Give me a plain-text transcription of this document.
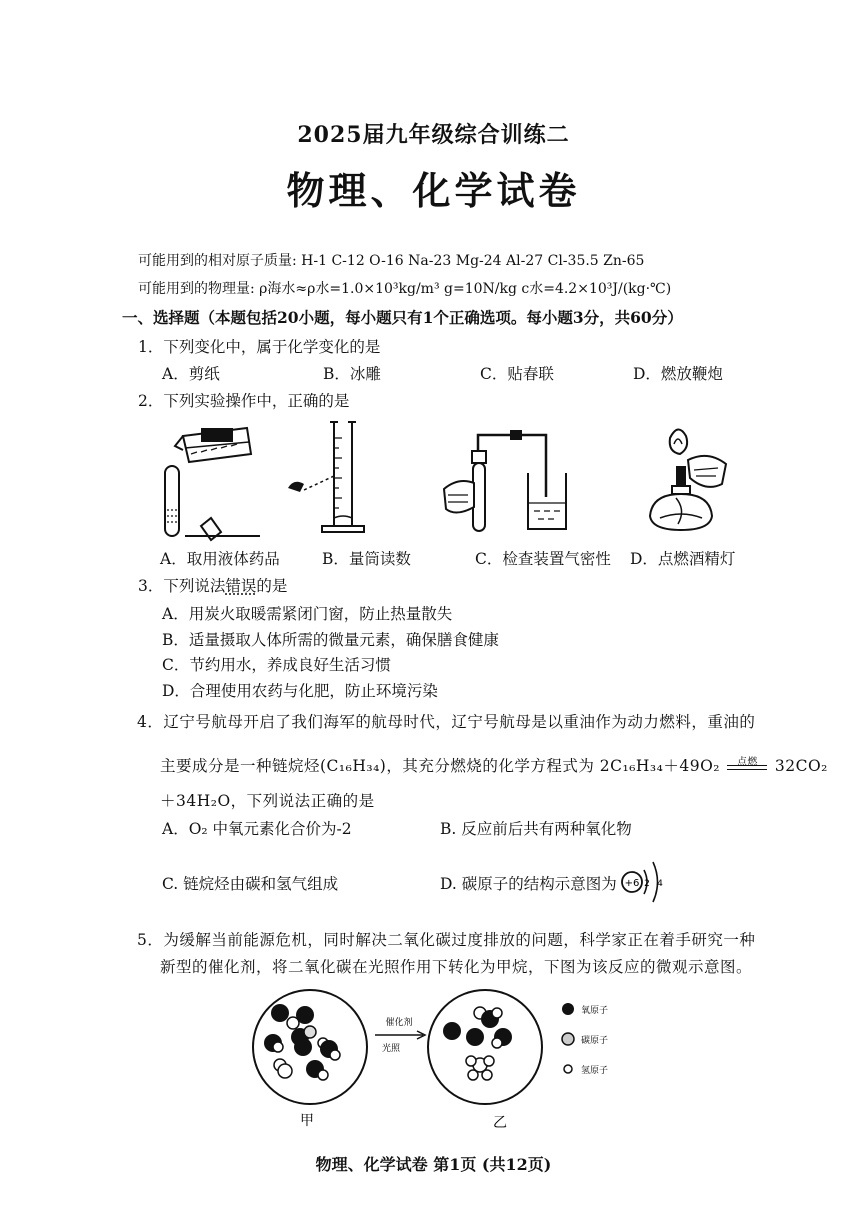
2025届九年级综合训练二
物理、化学试卷
可能用到的相对原子质量: H-1 C-12 O-16 Na-23 Mg-24 Al-27 Cl-35.5 Zn-65
可能用到的物理量: ρ海水≈ρ水=1.0×10³kg/m³ g=10N/kg c水=4.2×10³J/(kg·℃)
一、选择题（本题包括20小题，每小题只有1个正确选项。每小题3分，共60分）
1．下列变化中，属于化学变化的是
A．剪纸	B．冰雕	C．贴春联	D．燃放鞭炮
2．下列实验操作中，正确的是
A．取用液体药品	B．量筒读数	C．检查装置气密性 D．点燃酒精灯
3．下列说法错误的是
A．用炭火取暖需紧闭门窗，防止热量散失
B．适量摄取人体所需的微量元素，确保膳食健康
C．节约用水，养成良好生活习惯
D．合理使用农药与化肥，防止环境污染
4．辽宁号航母开启了我们海军的航母时代，辽宁号航母是以重油作为动力燃料，重油的
主要成分是一种链烷烃(C₁₆H₃₄)，其充分燃烧的化学方程式为 2C₁₆H₃₄＋49O₂	点燃	32CO₂
＋34H₂O，下列说法正确的是
A．O₂ 中氧元素化合价为-2	B. 反应前后共有两种氧化物
C. 链烷烃由碳和氢气组成	D. 碳原子的结构示意图为 +6 2 4
5．为缓解当前能源危机，同时解决二氧化碳过度排放的问题，科学家正在着手研究一种
新型的催化剂，将二氧化碳在光照作用下转化为甲烷，下图为该反应的微观示意图。
催化剂
光照
甲	乙
氧原子
碳原子
氢原子
物理、化学试卷 第1页 (共12页)
